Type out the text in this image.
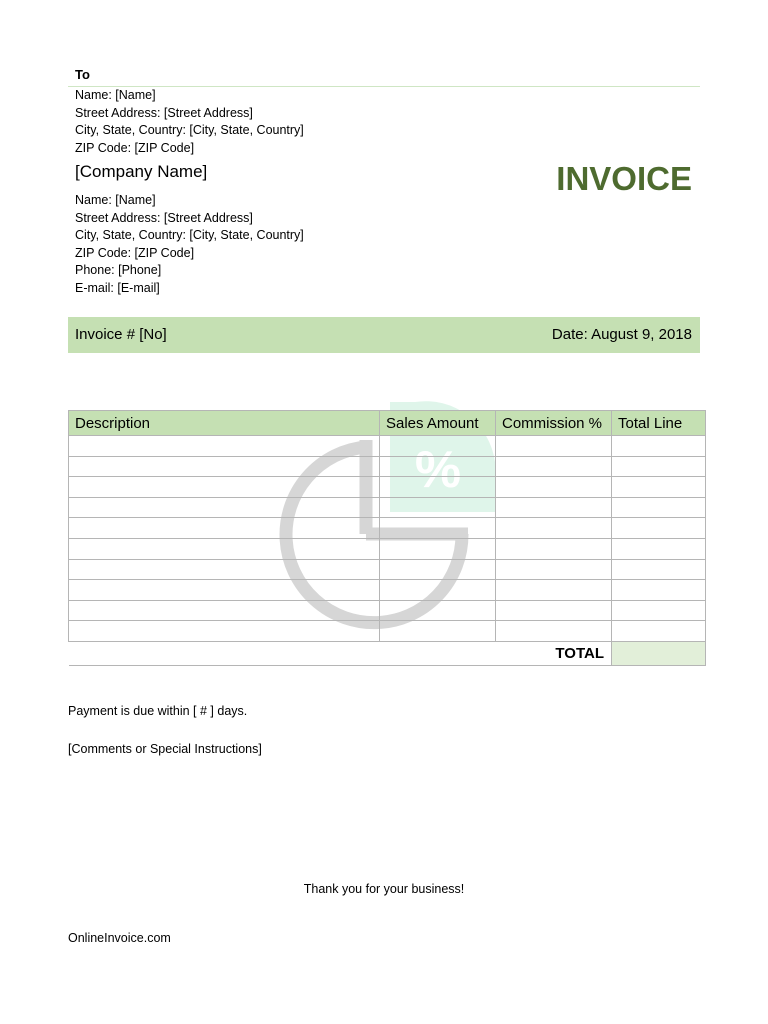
To
Name: [Name]
Street Address: [Street Address]
City, State, Country: [City, State, Country]
ZIP Code: [ZIP Code]
[Company Name]	INVOICE
Name: [Name]
Street Address: [Street Address]
City, State, Country: [City, State, Country]
ZIP Code: [ZIP Code]
Phone: [Phone]
E-mail: [E-mail]
Invoice # [No]	Date: August 9, 2018
%
Description	Sales Amount	Commission %	Total Line

		TOTAL	
Payment is due within [ # ] days.
[Comments or Special Instructions]
Thank you for your business!
OnlineInvoice.com
